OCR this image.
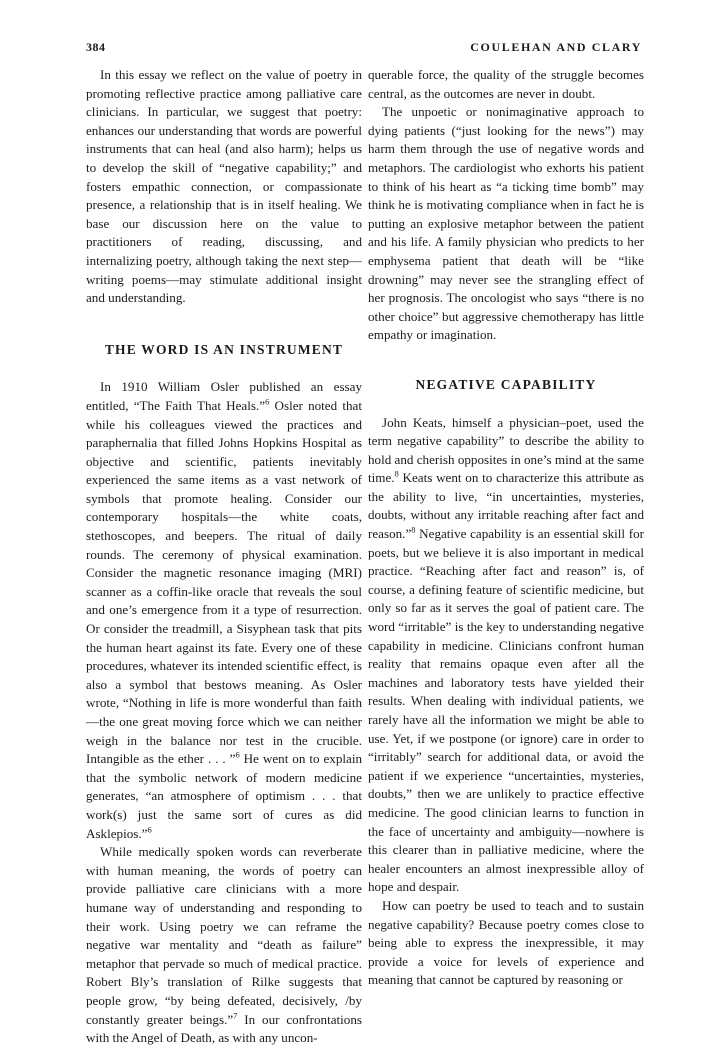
384	COULEHAN AND CLARY

In this essay we reflect on the value of poetry in promoting reflective practice among palliative care clinicians. In particular, we suggest that poetry: enhances our understanding that words are powerful instruments that can heal (and also harm); helps us to develop the skill of “negative capability;” and fosters empathic connection, or compassionate presence, a relationship that is in itself healing. We base our discussion here on the value to practitioners of reading, discussing, and internalizing poetry, although taking the next step—writing poems—may stimulate additional insight and understanding.

THE WORD IS AN INSTRUMENT

In 1910 William Osler published an essay entitled, “The Faith That Heals.”$^6$ Osler noted that while his colleagues viewed the practices and paraphernalia that filled Johns Hopkins Hospital as objective and scientific, patients inevitably experienced the same items as a vast network of symbols that promote healing. Consider our contemporary hospitals—the white coats, stethoscopes, and beepers. The ritual of daily rounds. The ceremony of physical examination. Consider the magnetic resonance imaging (MRI) scanner as a coffin-like oracle that reveals the soul and one’s emergence from it a type of resurrection. Or consider the treadmill, a Sisyphean task that pits the human heart against its fate. Every one of these procedures, whatever its intended scientific effect, is also a symbol that bestows meaning. As Osler wrote, “Nothing in life is more wonderful than faith—the one great moving force which we can neither weigh in the balance nor test in the crucible. Intangible as the ether . . . ”$^6$ He went on to explain that the symbolic network of modern medicine generates, “an atmosphere of optimism . . . that work(s) just the same sort of cures as did Asklepios.”$^6$

While medically spoken words can reverberate with human meaning, the words of poetry can provide palliative care clinicians with a more humane way of understanding and responding to their work. Using poetry we can reframe the negative war mentality and “death as failure” metaphor that pervade so much of medical practice. Robert Bly’s translation of Rilke suggests that people grow, “by being defeated, decisively, /by constantly greater beings.”$^7$ In our confrontations with the Angel of Death, as with any uncon-

querable force, the quality of the struggle becomes central, as the outcomes are never in doubt.

The unpoetic or nonimaginative approach to dying patients (“just looking for the news”) may harm them through the use of negative words and metaphors. The cardiologist who exhorts his patient to think of his heart as “a ticking time bomb” may think he is motivating compliance when in fact he is putting an explosive metaphor between the patient and his life. A family physician who predicts to her emphysema patient that death will be “like drowning” may never see the strangling effect of her prognosis. The oncologist who says “there is no other choice” but aggressive chemotherapy has little empathy or imagination.

NEGATIVE CAPABILITY

John Keats, himself a physician–poet, used the term negative capability” to describe the ability to hold and cherish opposites in one’s mind at the same time.$^8$ Keats went on to characterize this attribute as the ability to live, “in uncertainties, mysteries, doubts, without any irritable reaching after fact and reason.”$^8$ Negative capability is an essential skill for poets, but we believe it is also important in medical practice. “Reaching after fact and reason” is, of course, a defining feature of scientific medicine, but only so far as it serves the goal of patient care. The word “irritable” is the key to understanding negative capability in medicine. Clinicians confront human reality that remains opaque even after all the machines and laboratory tests have yielded their results. When dealing with individual patients, we rarely have all the information we might be able to use. Yet, if we postpone (or ignore) care in order to “irritably” search for additional data, or avoid the patient if we experience “uncertainties, mysteries, doubts,” then we are unlikely to practice effective medicine. The good clinician learns to function in the face of uncertainty and ambiguity—nowhere is this clearer than in palliative medicine, where the healer encounters an almost inexpressible alloy of hope and despair.

How can poetry be used to teach and to sustain negative capability? Because poetry comes close to being able to express the inexpressible, it may provide a voice for levels of experience and meaning that cannot be captured by reasoning or
